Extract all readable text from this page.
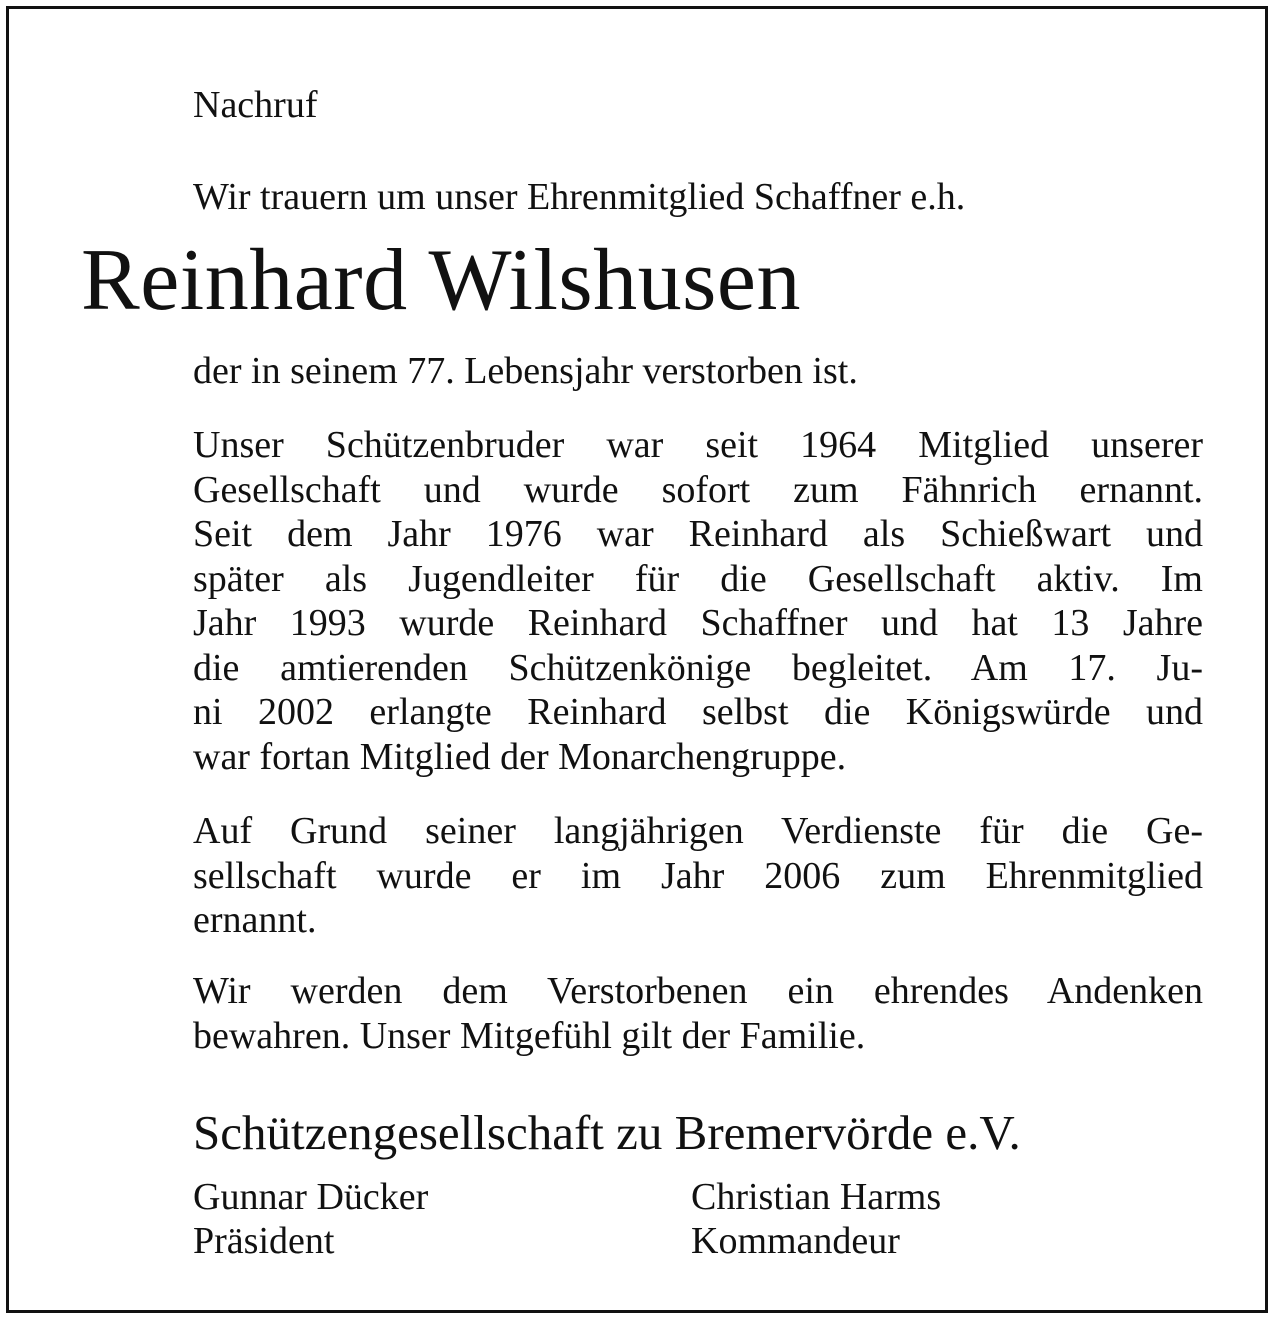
Nachruf

Wir trauern um unser Ehrenmitglied Schaffner e.h.

Reinhard Wilshusen

der in seinem 77. Lebensjahr verstorben ist.

Unser Schützenbruder war seit 1964 Mitglied unserer
Gesellschaft und wurde sofort zum Fähnrich ernannt.
Seit dem Jahr 1976 war Reinhard als Schießwart und
später als Jugendleiter für die Gesellschaft aktiv. Im
Jahr 1993 wurde Reinhard Schaffner und hat 13 Jahre
die amtierenden Schützenkönige begleitet. Am 17. Ju-
ni 2002 erlangte Reinhard selbst die Königswürde und
war fortan Mitglied der Monarchengruppe.
Auf Grund seiner langjährigen Verdienste für die Ge-
sellschaft wurde er im Jahr 2006 zum Ehrenmitglied
ernannt.
Wir werden dem Verstorbenen ein ehrendes Andenken
bewahren. Unser Mitgefühl gilt der Familie.

Schützengesellschaft zu Bremervörde e.V.

Gunnar Dücker
Präsident
Christian Harms
Kommandeur
